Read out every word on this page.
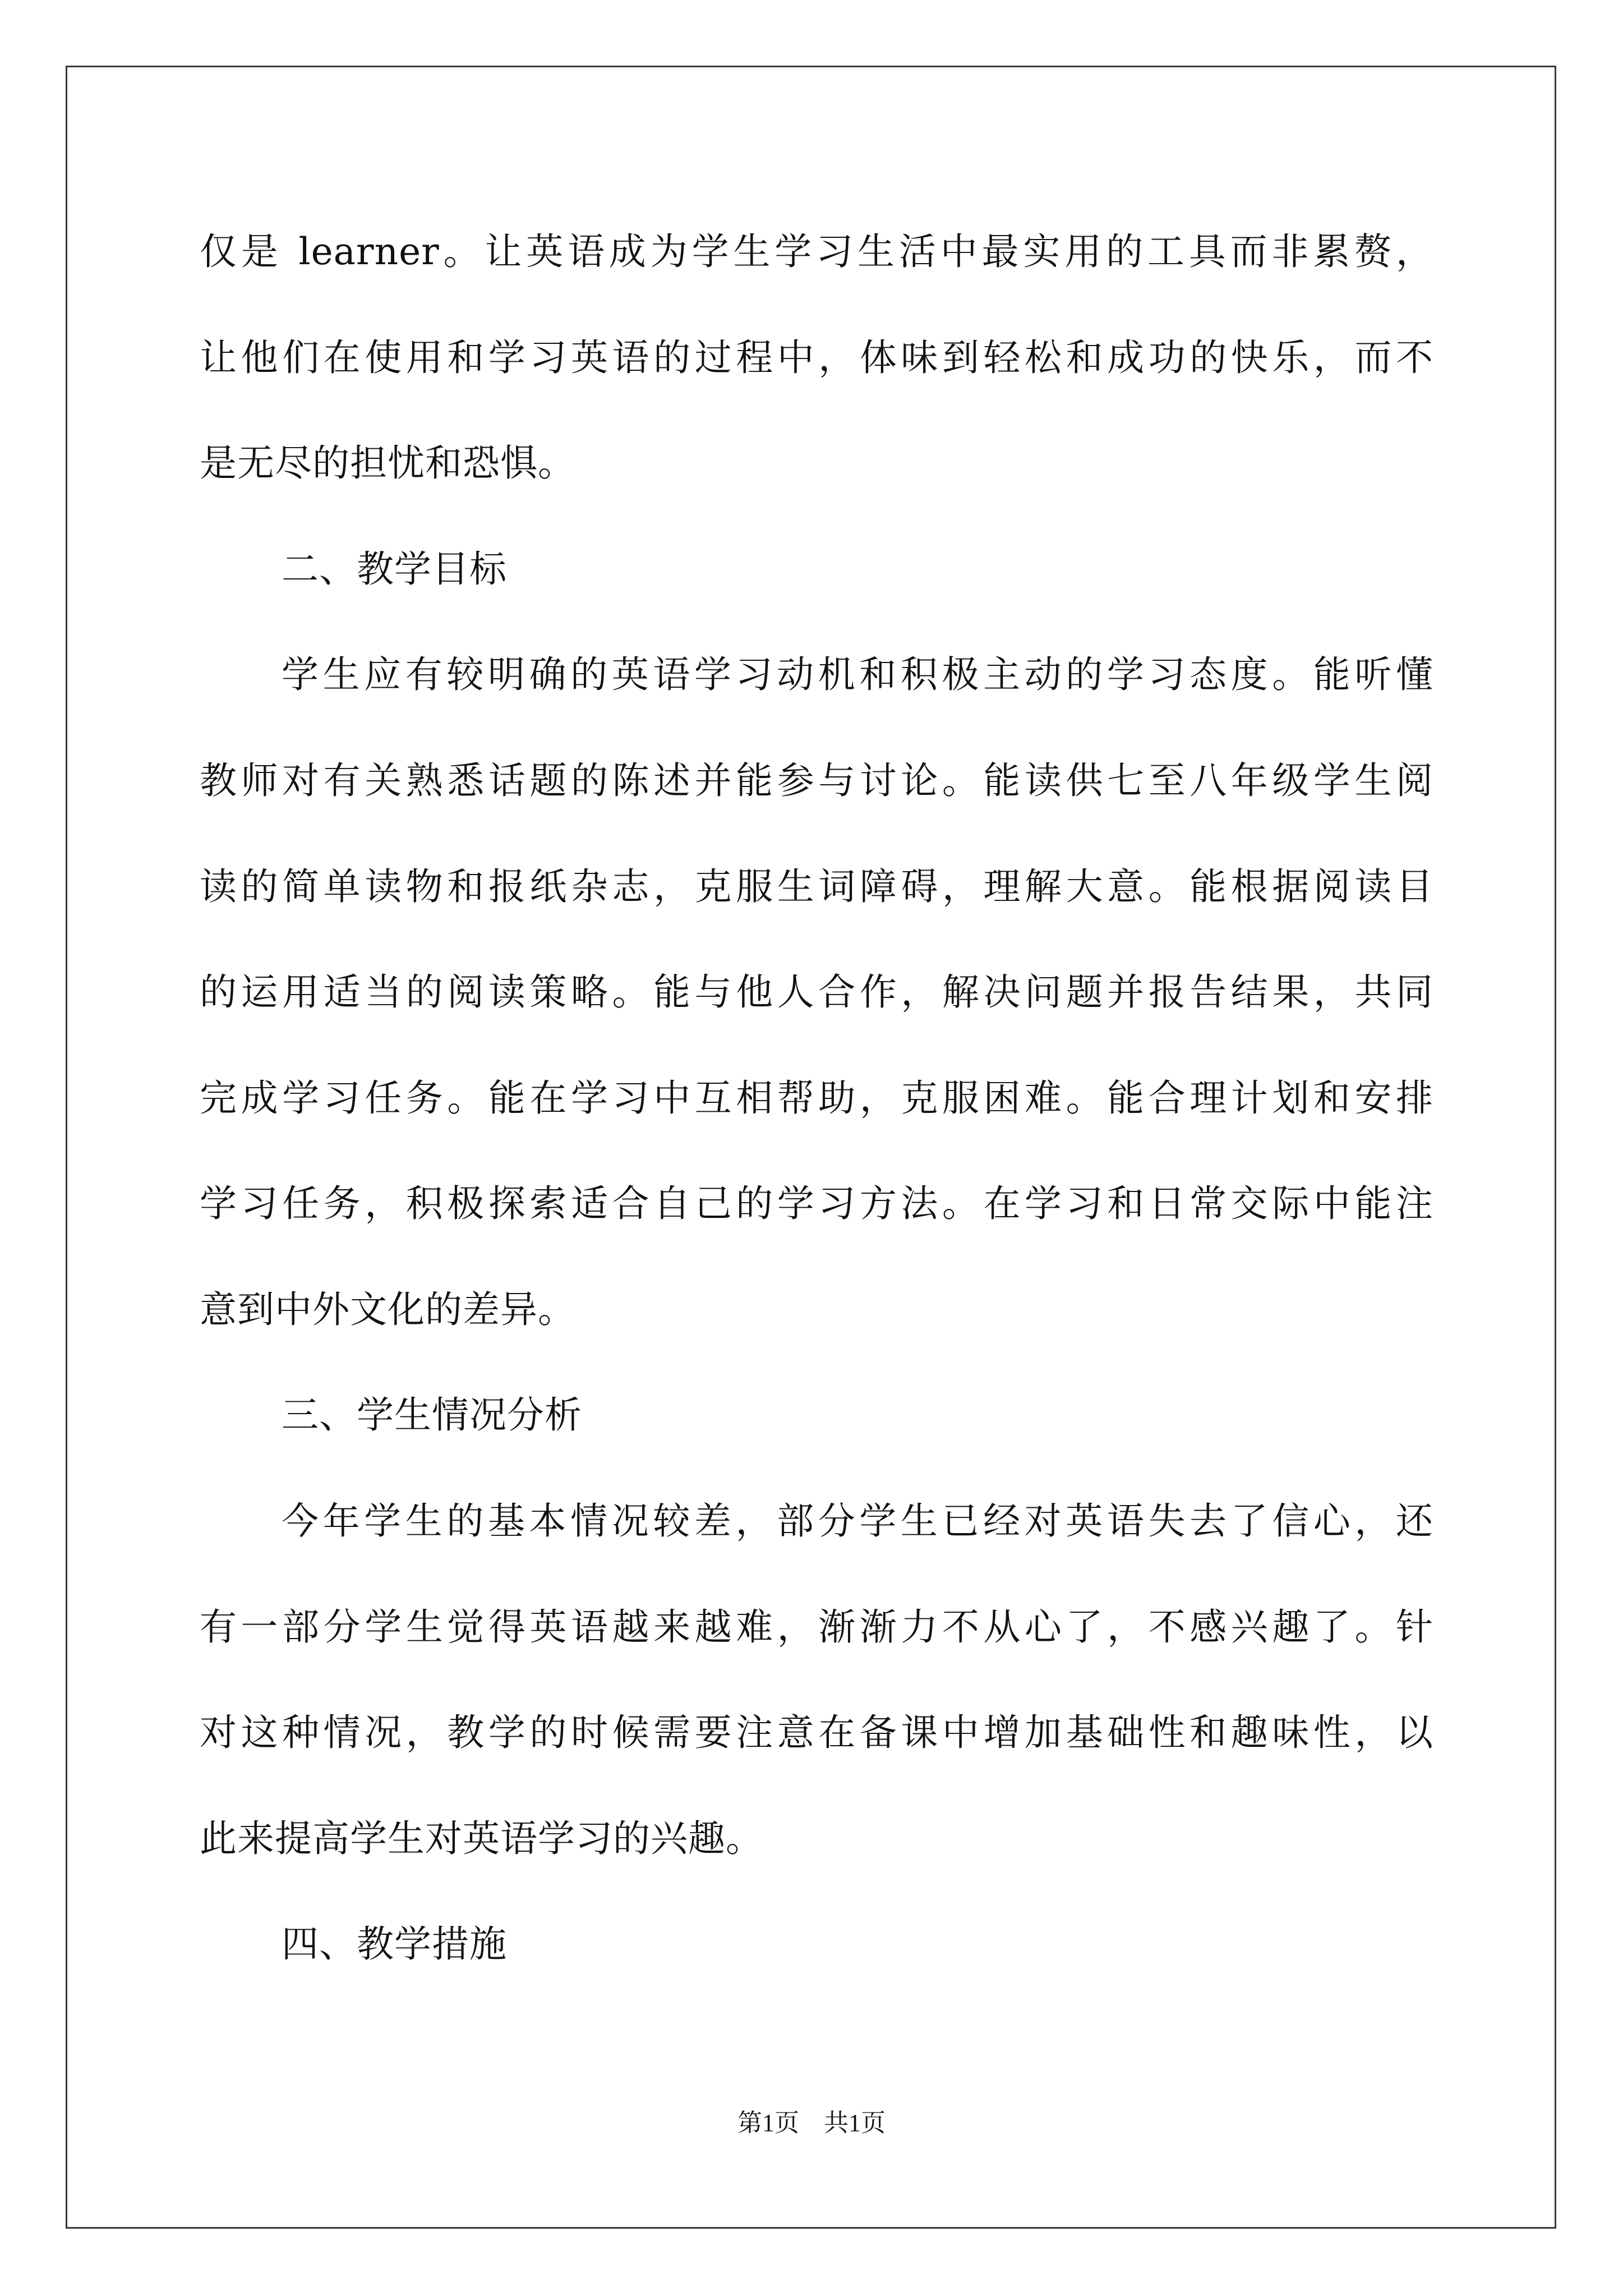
仅是 learner。让英语成为学生学习生活中最实用的工具而非累赘，
让他们在使用和学习英语的过程中，体味到轻松和成功的快乐，而不
是无尽的担忧和恐惧。
二、教学目标
学生应有较明确的英语学习动机和积极主动的学习态度。能听懂
教师对有关熟悉话题的陈述并能参与讨论。能读供七至八年级学生阅
读的简单读物和报纸杂志，克服生词障碍，理解大意。能根据阅读目
的运用适当的阅读策略。能与他人合作，解决问题并报告结果，共同
完成学习任务。能在学习中互相帮助，克服困难。能合理计划和安排
学习任务，积极探索适合自己的学习方法。在学习和日常交际中能注
意到中外文化的差异。
三、学生情况分析
今年学生的基本情况较差，部分学生已经对英语失去了信心，还
有一部分学生觉得英语越来越难，渐渐力不从心了，不感兴趣了。针
对这种情况，教学的时候需要注意在备课中增加基础性和趣味性，以
此来提高学生对英语学习的兴趣。
四、教学措施
第1页　共1页
